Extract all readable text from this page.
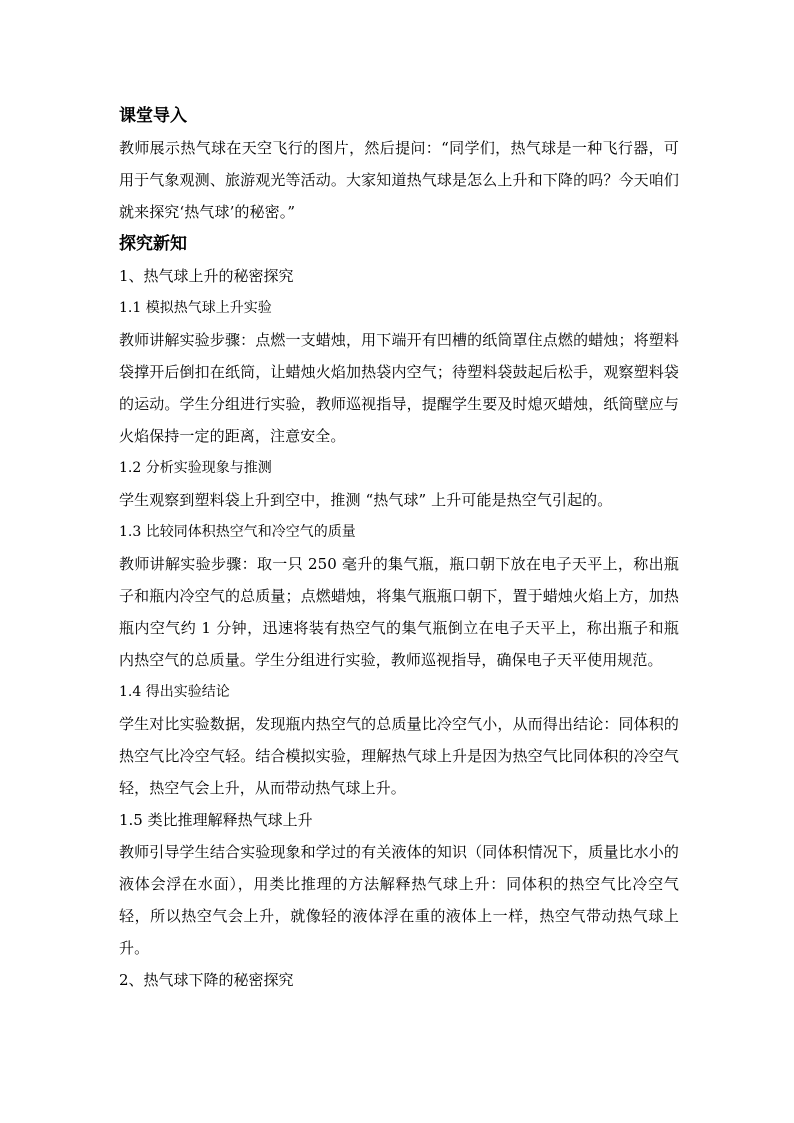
课堂导入

教师展示热气球在天空飞行的图片，然后提问：“同学们，热气球是一种飞行器，可用于气象观测、旅游观光等活动。大家知道热气球是怎么上升和下降的吗？今天咱们就来探究‘热气球’的秘密。”

探究新知

1、热气球上升的秘密探究

1.1 模拟热气球上升实验

教师讲解实验步骤：点燃一支蜡烛，用下端开有凹槽的纸筒罩住点燃的蜡烛；将塑料袋撑开后倒扣在纸筒，让蜡烛火焰加热袋内空气；待塑料袋鼓起后松手，观察塑料袋的运动。学生分组进行实验，教师巡视指导，提醒学生要及时熄灭蜡烛，纸筒壁应与火焰保持一定的距离，注意安全。

1.2 分析实验现象与推测

学生观察到塑料袋上升到空中，推测 “热气球” 上升可能是热空气引起的。

1.3 比较同体积热空气和冷空气的质量

教师讲解实验步骤：取一只 250 毫升的集气瓶，瓶口朝下放在电子天平上，称出瓶子和瓶内冷空气的总质量；点燃蜡烛，将集气瓶瓶口朝下，置于蜡烛火焰上方，加热瓶内空气约 1 分钟，迅速将装有热空气的集气瓶倒立在电子天平上，称出瓶子和瓶内热空气的总质量。学生分组进行实验，教师巡视指导，确保电子天平使用规范。

1.4 得出实验结论

学生对比实验数据，发现瓶内热空气的总质量比冷空气小，从而得出结论：同体积的热空气比冷空气轻。结合模拟实验，理解热气球上升是因为热空气比同体积的冷空气轻，热空气会上升，从而带动热气球上升。

1.5 类比推理解释热气球上升

教师引导学生结合实验现象和学过的有关液体的知识（同体积情况下，质量比水小的液体会浮在水面），用类比推理的方法解释热气球上升：同体积的热空气比冷空气轻，所以热空气会上升，就像轻的液体浮在重的液体上一样，热空气带动热气球上升。

2、热气球下降的秘密探究
